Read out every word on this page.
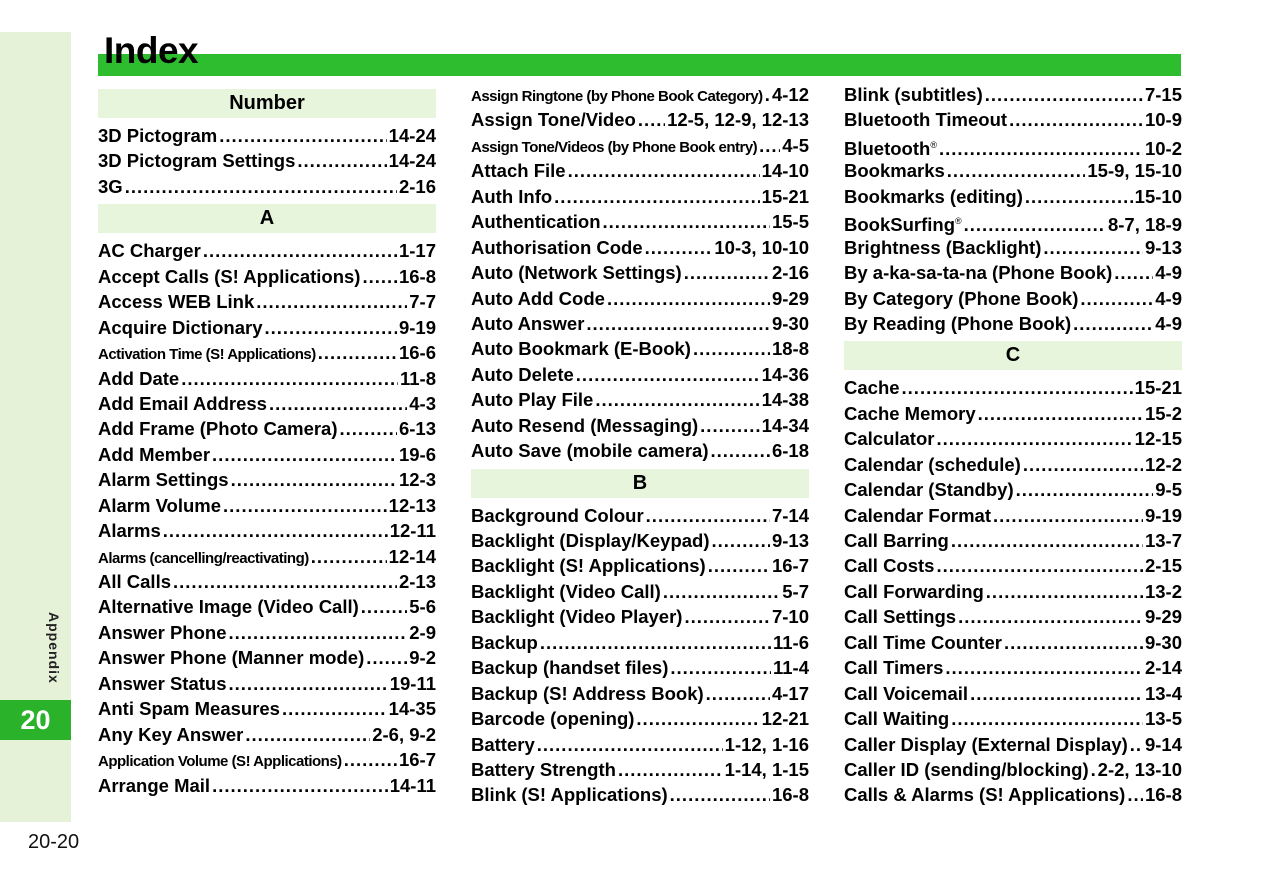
Appendix
20
20-20
Index
Number
3D Pictogram .....	14-24
3D Pictogram Settings .....	14-24
3G .....	2-16
A
AC Charger .....	1-17
Accept Calls (S! Applications) ..... 16-8
Access WEB Link .....	7-7
Acquire Dictionary .....	9-19
Activation Time (S! Applications) .....	16-6
Add Date .....	11-8
Add Email Address .....	4-3
Add Frame (Photo Camera) .....	6-13
Add Member .....	19-6
Alarm Settings .....	12-3
Alarm Volume .....	12-13
Alarms .....	12-11
Alarms (cancelling/reactivating) .....	12-14
All Calls .....	2-13
Alternative Image (Video Call) .....	5-6
Answer Phone .....	2-9
Answer Phone (Manner mode) ..... 9-2
Answer Status .....	19-11
Anti Spam Measures .....	14-35
Any Key Answer .....	2-6, 9-2
Application Volume (S! Applications) .....	16-7
Arrange Mail .....	14-11
Assign Ringtone (by Phone Book Category) ..... 4-12
Assign Tone/Video ..... 12-5, 12-9, 12-13
Assign Tone/Videos (by Phone Book entry) ..... 4-5
Attach File .....	14-10
Auth Info .....	15-21
Authentication .....	15-5
Authorisation Code .....	10-3, 10-10
Auto (Network Settings) .....	2-16
Auto Add Code .....	9-29
Auto Answer .....	9-30
Auto Bookmark (E-Book) .....	18-8
Auto Delete .....	14-36
Auto Play File .....	14-38
Auto Resend (Messaging) .....	14-34
Auto Save (mobile camera) .....	6-18
B
Background Colour .....	7-14
Backlight (Display/Keypad) .....	9-13
Backlight (S! Applications) .....	16-7
Backlight (Video Call) .....	5-7
Backlight (Video Player) .....	7-10
Backup .....	11-6
Backup (handset files) .....	11-4
Backup (S! Address Book) .....	4-17
Barcode (opening) .....	12-21
Battery .....	1-12, 1-16
Battery Strength .....	1-14, 1-15
Blink (S! Applications) .....	16-8
Blink (subtitles) .....	7-15
Bluetooth Timeout .....	10-9
Bluetooth® .....	10-2
Bookmarks .....	15-9, 15-10
Bookmarks (editing) .....	15-10
BookSurfing® .....	8-7, 18-9
Brightness (Backlight) .....	9-13
By a-ka-sa-ta-na (Phone Book) ..... 4-9
By Category (Phone Book) .....	4-9
By Reading (Phone Book) .....	4-9
C
Cache .....	15-21
Cache Memory .....	15-2
Calculator .....	12-15
Calendar (schedule) .....	12-2
Calendar (Standby) .....	9-5
Calendar Format .....	9-19
Call Barring .....	13-7
Call Costs .....	2-15
Call Forwarding .....	13-2
Call Settings .....	9-29
Call Time Counter .....	9-30
Call Timers .....	2-14
Call Voicemail .....	13-4
Call Waiting .....	13-5
Caller Display (External Display) ..... 9-14
Caller ID (sending/blocking) ..... 2-2, 13-10
Calls & Alarms (S! Applications) ..... 16-8
